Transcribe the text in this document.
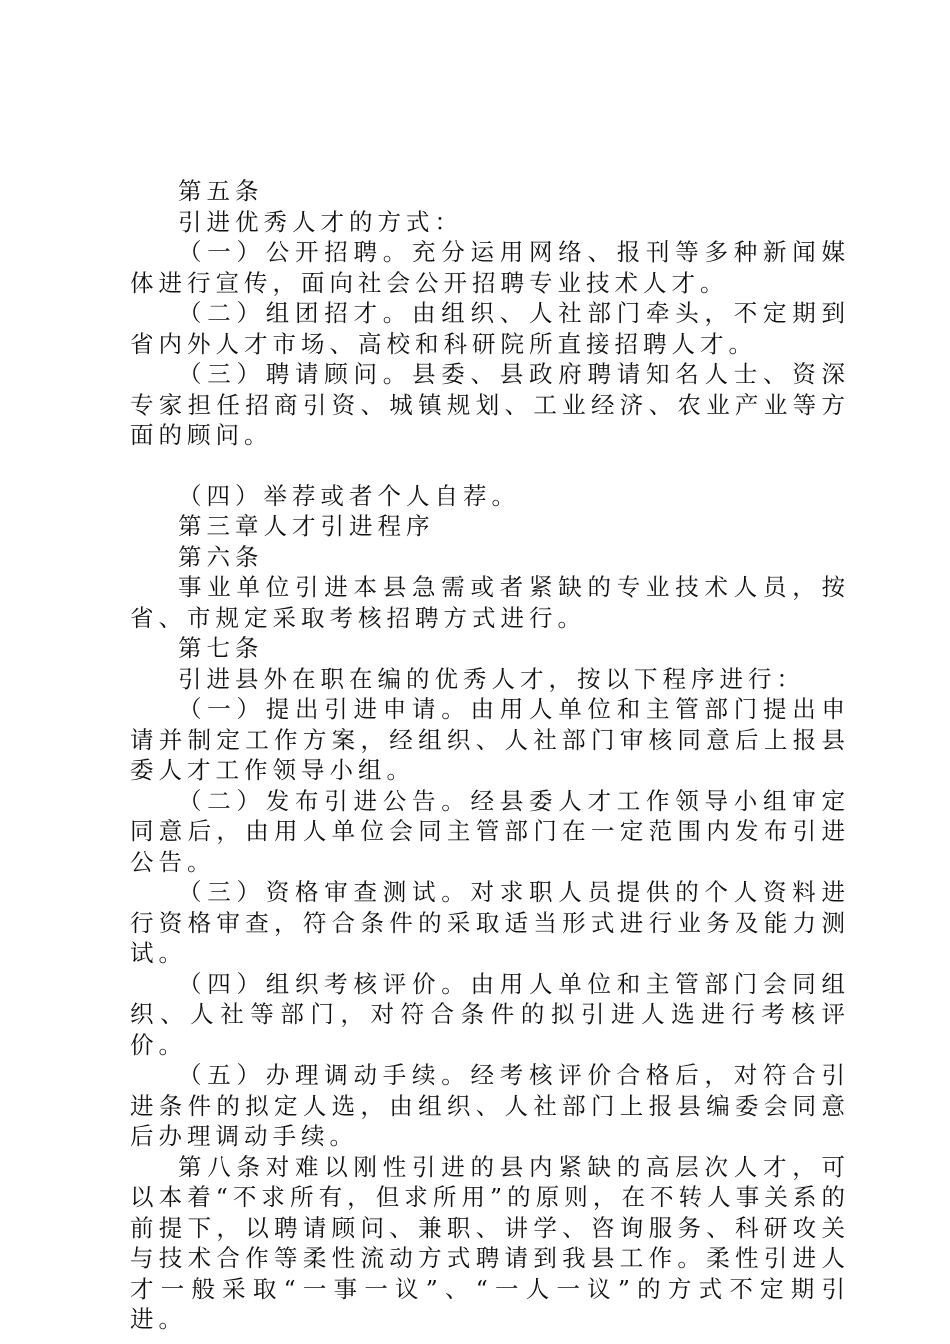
第五条

引进优秀人才的方式：

（一）公开招聘。充分运用网络、报刊等多种新闻媒体进行宣传，面向社会公开招聘专业技术人才。

（二）组团招才。由组织、人社部门牵头，不定期到省内外人才市场、高校和科研院所直接招聘人才。

（三）聘请顾问。县委、县政府聘请知名人士、资深专家担任招商引资、城镇规划、工业经济、农业产业等方面的顾问。

（四）举荐或者个人自荐。

第三章人才引进程序

第六条

事业单位引进本县急需或者紧缺的专业技术人员，按省、市规定采取考核招聘方式进行。

第七条

引进县外在职在编的优秀人才，按以下程序进行：

（一）提出引进申请。由用人单位和主管部门提出申请并制定工作方案，经组织、人社部门审核同意后上报县委人才工作领导小组。

（二）发布引进公告。经县委人才工作领导小组审定同意后，由用人单位会同主管部门在一定范围内发布引进公告。

（三）资格审查测试。对求职人员提供的个人资料进行资格审查，符合条件的采取适当形式进行业务及能力测试。

（四）组织考核评价。由用人单位和主管部门会同组织、人社等部门，对符合条件的拟引进人选进行考核评价。

（五）办理调动手续。经考核评价合格后，对符合引进条件的拟定人选，由组织、人社部门上报县编委会同意后办理调动手续。

第八条对难以刚性引进的县内紧缺的高层次人才，可以本着“不求所有，但求所用”的原则，在不转人事关系的前提下，以聘请顾问、兼职、讲学、咨询服务、科研攻关与技术合作等柔性流动方式聘请到我县工作。柔性引进人才一般采取“一事一议”、“一人一议”的方式不定期引进。
